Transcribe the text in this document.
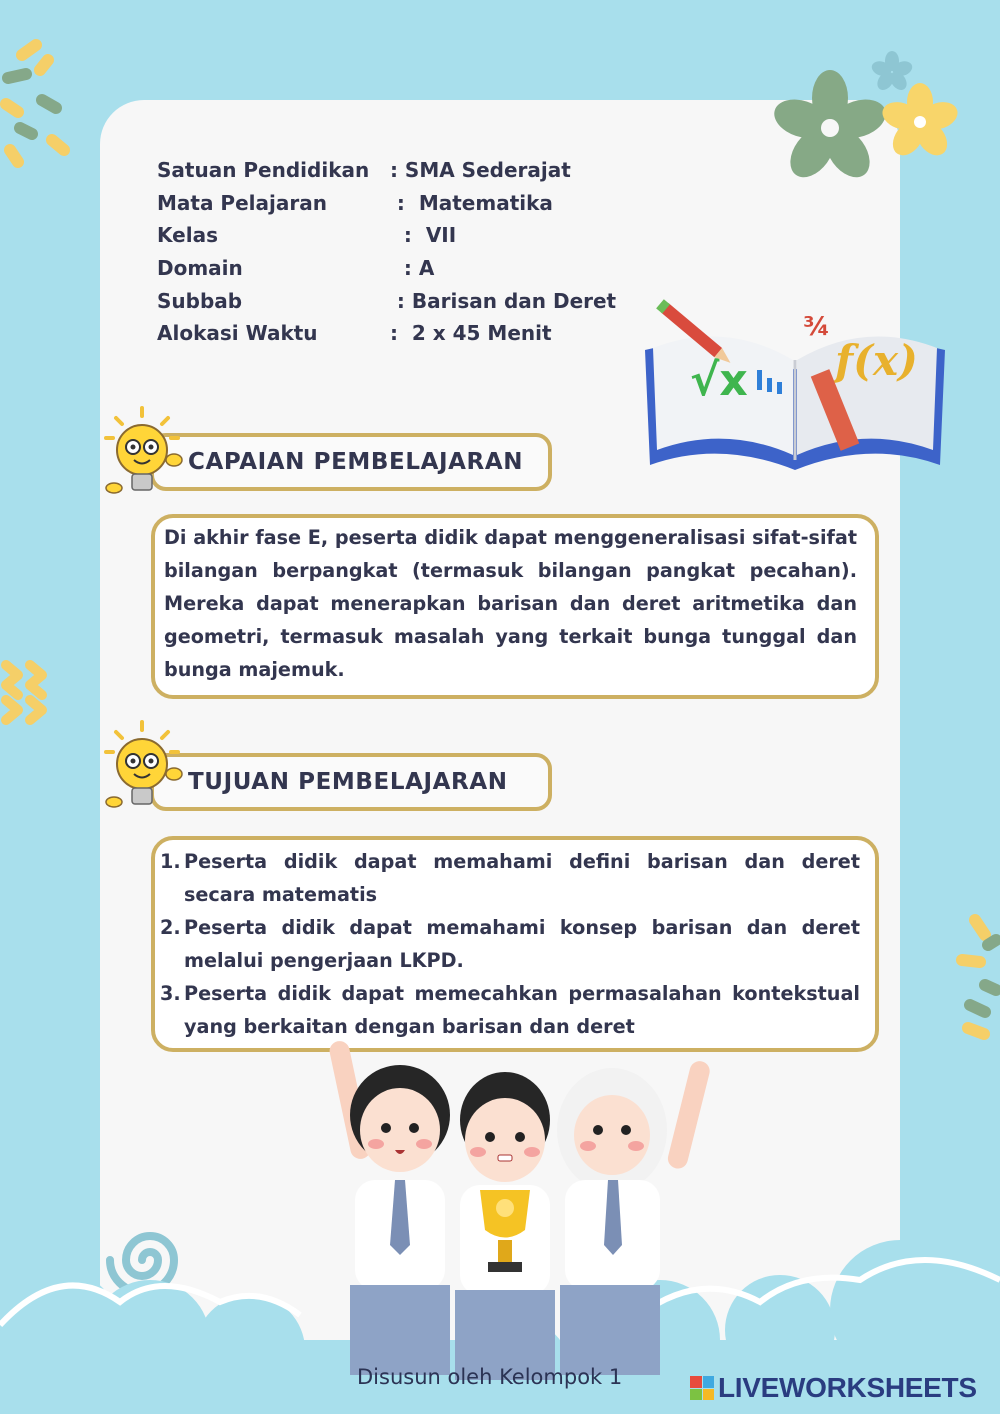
Satuan Pendidikan : SMA Sederajat
Mata Pelajaran	:  Matematika
Kelas	:  VII
Domain	: A
Subbab	: Barisan dan Deret
Alokasi Waktu	:  2 x 45 Menit
√x
¾
f(x)
CAPAIAN PEMBELAJARAN
Di akhir fase E, peserta didik dapat menggeneralisasi sifat-sifat bilangan berpangkat (termasuk bilangan pangkat pecahan). Mereka dapat menerapkan barisan dan deret aritmetika dan geometri, termasuk masalah yang terkait bunga tunggal dan bunga majemuk.
TUJUAN PEMBELAJARAN
1. Peserta didik dapat memahami defini barisan dan deret secara matematis
2. Peserta didik dapat memahami konsep barisan dan deret melalui pengerjaan LKPD.
3. Peserta didik dapat memecahkan permasalahan kontekstual yang berkaitan dengan barisan dan deret
Disusun oleh Kelompok 1	LIVEWORKSHEETS
